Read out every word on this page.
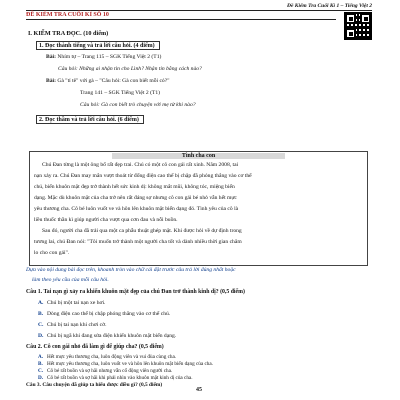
Đề Kiểm Tra Cuối Kì 1 – Tiếng Việt 2
ĐỀ KIỂM TRA CUỐI KÌ SỐ 10
I. KIỂM TRA ĐỌC. (10 điểm)
1. Đọc thành tiếng và trả lời câu hỏi. (4 điểm)
Bài: Nhím tự – Trang 115 – SGK Tiếng Việt 2 (T1)
Câu hỏi: Những ai nhận tin cho Lình? Nhận tin bằng cách nào?
Bài: Gà "tỉ tê" với gà – "Câu hỏi: Gà con biết mỗi có?"
Trang 141 – SGK Tiếng Việt 2 (T1)
Câu hỏi: Gà con biết trò chuyện với mẹ từ khi nào?
2. Đọc thầm và trả lời câu hỏi. (6 điểm)
Tình cha con
Chú Đan từng là một ông bố rất đẹp trai. Chú có một cô con gái rất xinh. Năm 2008, tai
nạn xảy ra. Chú Đan may mắn vượt thoát từ đống điện cao thế bị chập đã phóng thẳng vào cơ thể
chú, biến khuôn mặt đẹp trở thành hết sức kinh dị: không mắt mũi, không tóc, miệng biến
dạng. Mặc dù khuôn mặt của cha trở nên rất đáng sợ nhưng cô con gái bé nhỏ vẫn hết mực
yêu thương cha. Cô bé luôn vuốt ve và hôn lên khuôn mặt biến dạng đó. Tình yêu của cô là
liều thuốc thần kì giúp người cha vượt qua cơn đau và nỗi buồn.
Sau đó, người cha đã trải qua một ca phẫu thuật ghép mặt. Khi được hỏi về dự định trong
tương lai, chú Đan nói: "Tôi muốn trở thành một người cha tốt và dành nhiều thời gian chăm
lo cho con gái".
Dựa vào nội dung bài đọc trên, khoanh tròn vào chữ cái đặt trước câu trả lời đúng nhất hoặc
làm theo yêu cầu của mỗi câu hỏi.
Câu 1. Tai nạn gì xảy ra khiến khuôn mặt đẹp của chú Đan trở thành kinh dị? (0,5 điểm)
A. Chú bị một tai nạn xe hơi.
B. Dòng điện cao thế bị chập phóng thẳng vào cơ thể chú.
C. Chú bị tai nạn khi chơi cờ.
D. Chú bị ngã khi đang sửa điện khiến khuôn mặt biến dạng.
Câu 2. Cô con gái nhỏ đã làm gì để giúp cha? (0,5 điểm)
A. Hết mực yêu thương cha, luôn động viên và vui đùa cùng cha.
B. Hết mực yêu thương cha, luôn vuốt ve và hôn lên khuôn mặt biến dạng của cha.
C. Cô bé rất buồn và sợ hãi nhưng vẫn cố động viên người cha.
D. Cô bé rất buồn và sợ hãi khi phải nhìn vào khuôn mặt kinh dị của cha.
Câu 3. Câu chuyện đã giúp ta hiểu được điều gì? (0,5 điểm)
45
